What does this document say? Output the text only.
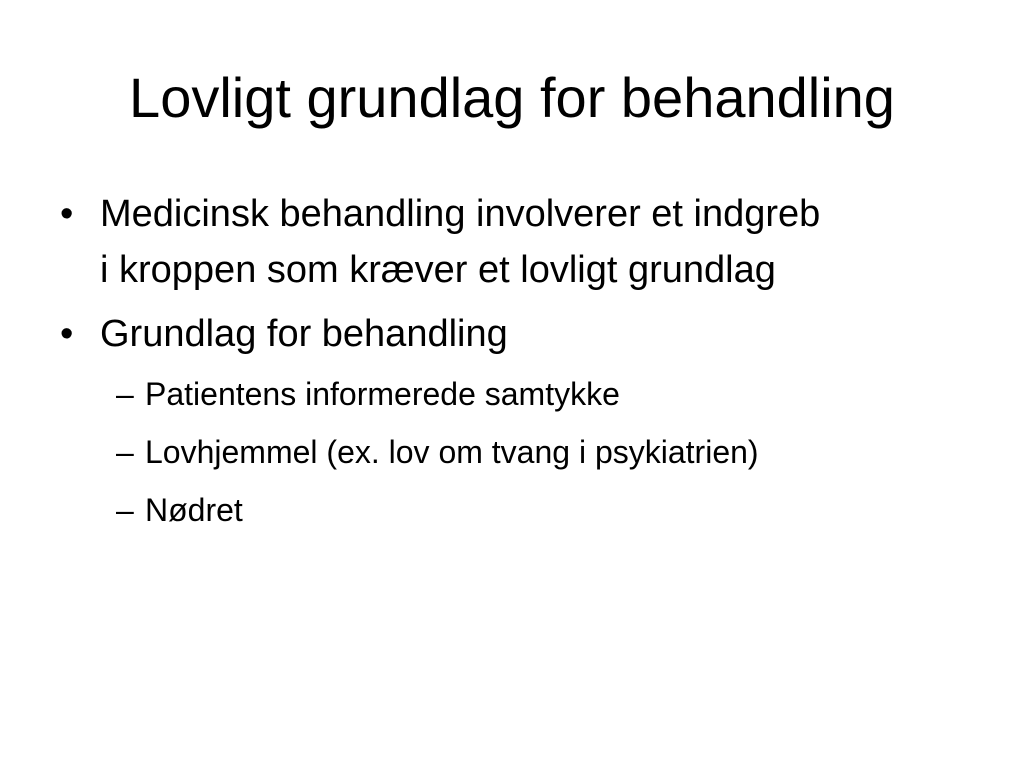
Lovligt grundlag for behandling
• Medicinsk behandling involverer et indgreb
i kroppen som kræver et lovligt grundlag
• Grundlag for behandling
– Patientens informerede samtykke
– Lovhjemmel (ex. lov om tvang i psykiatrien)
– Nødret
